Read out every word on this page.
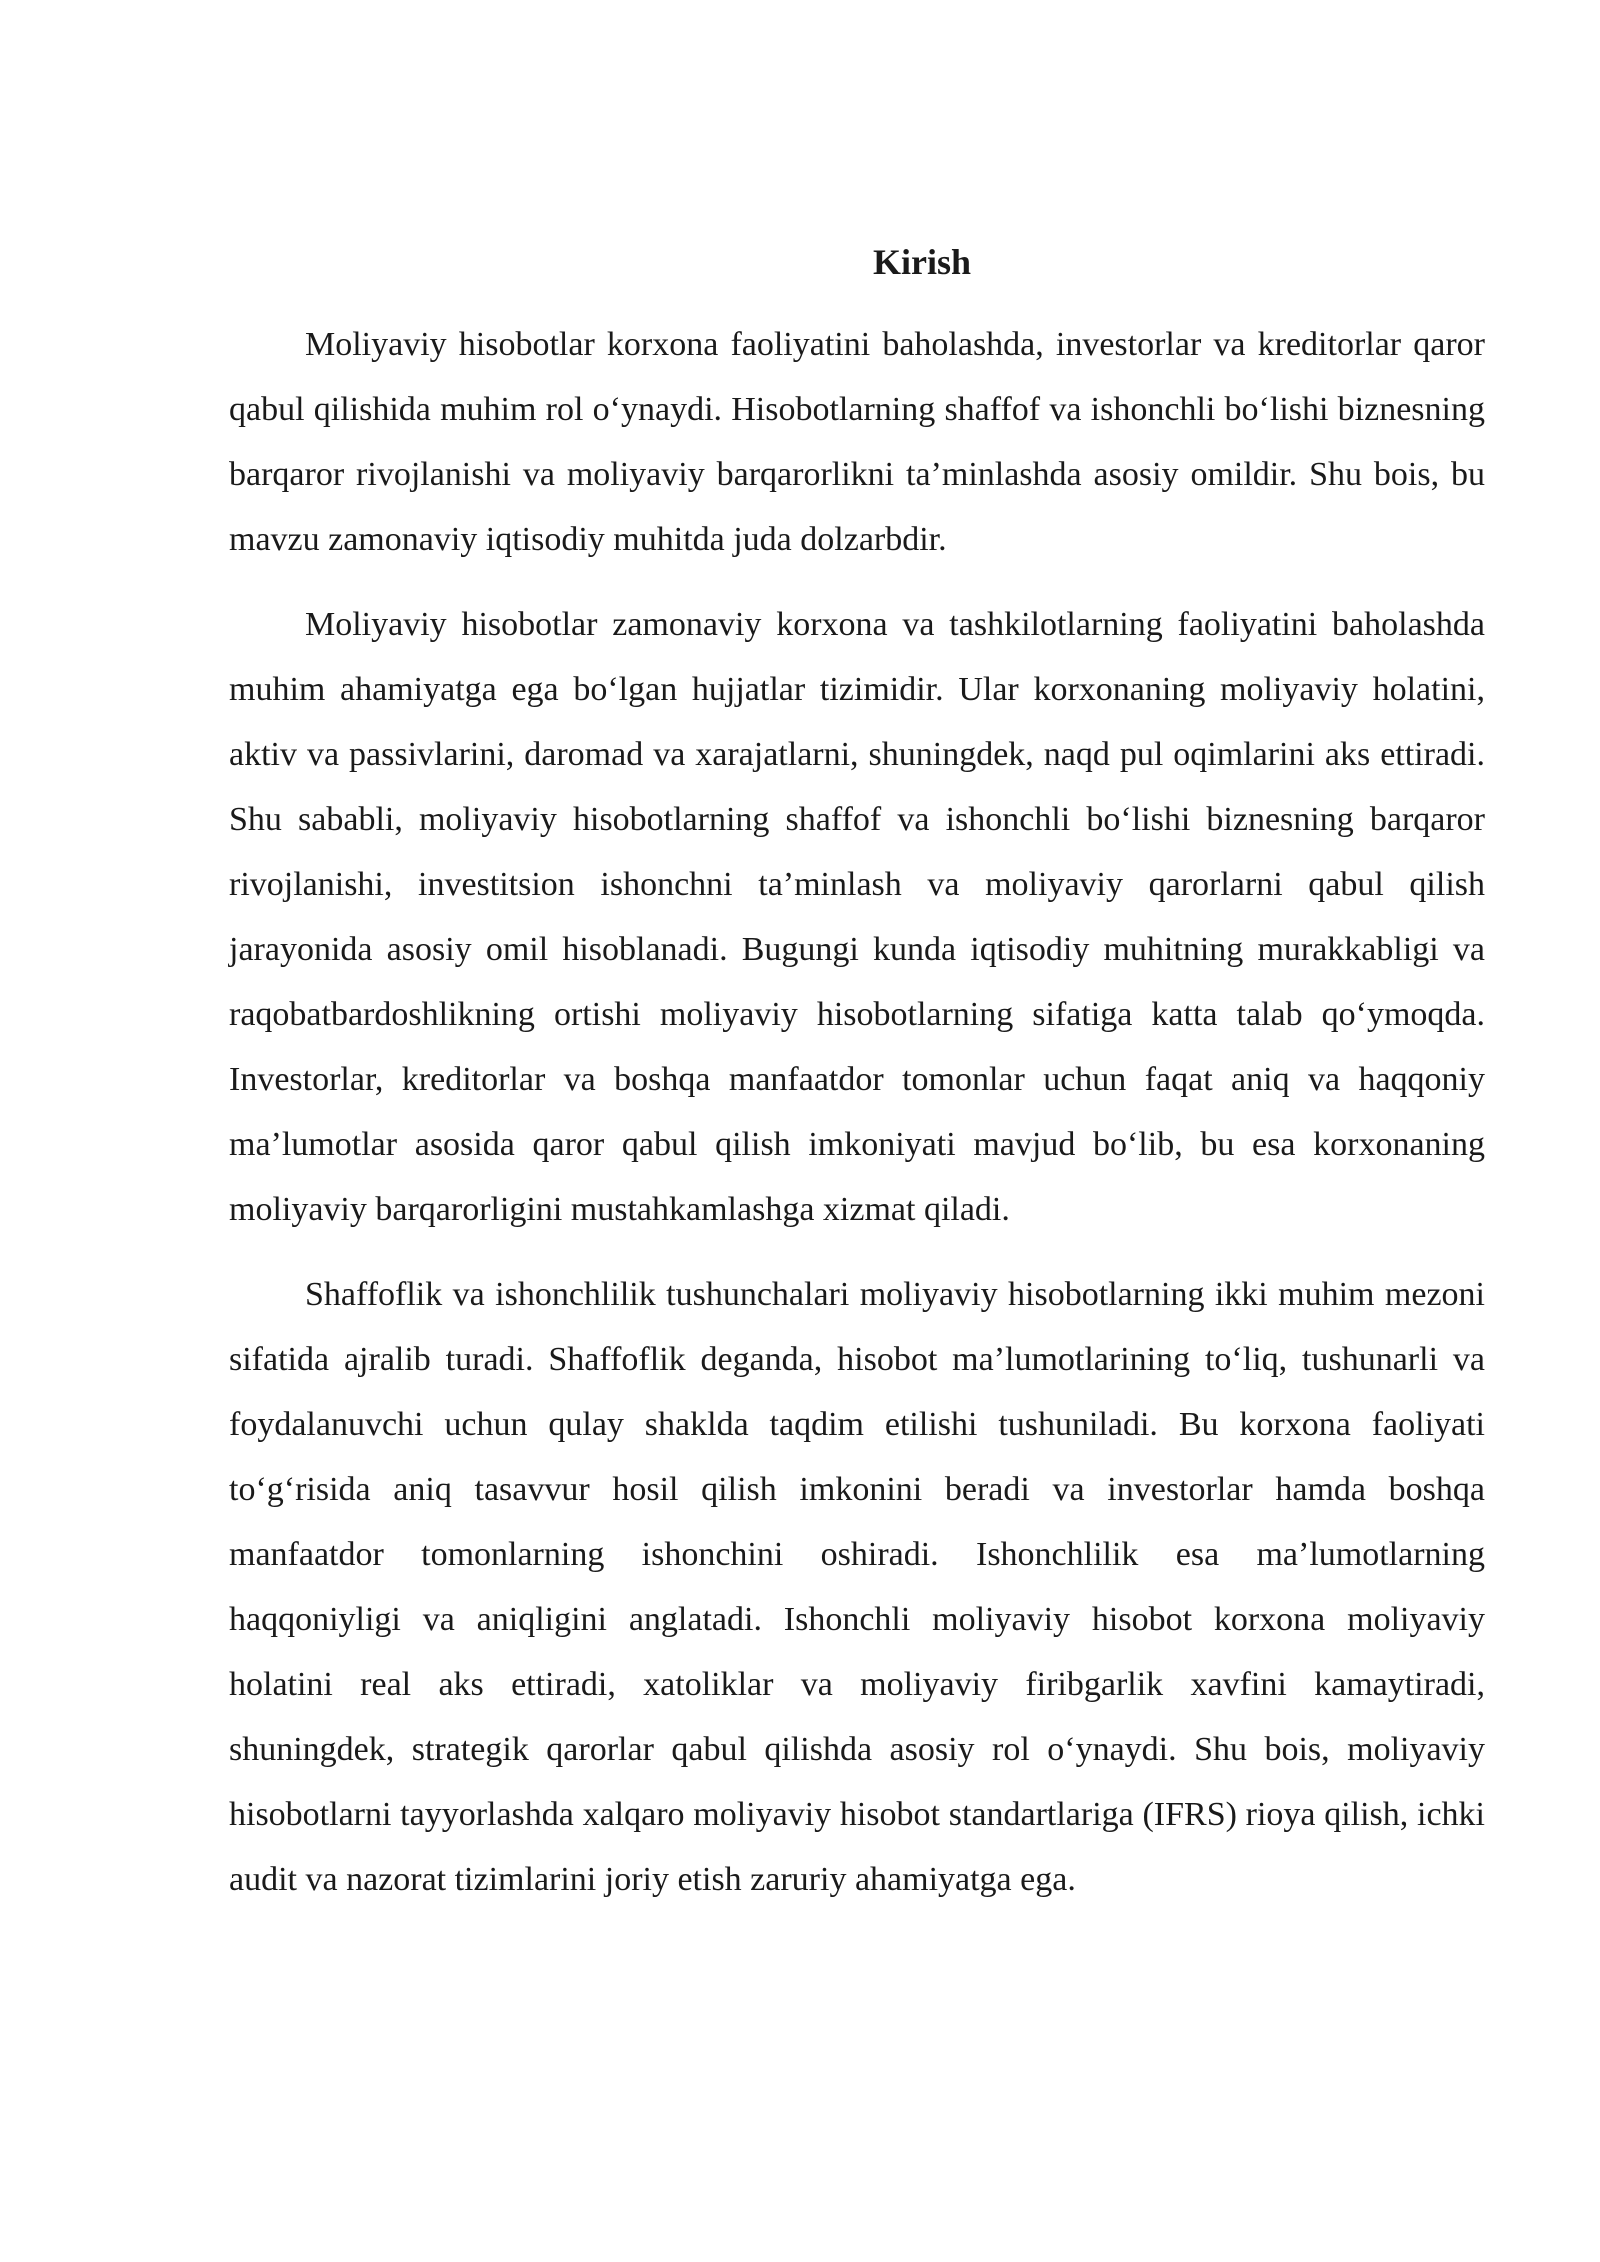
Kirish

Moliyaviy hisobotlar korxona faoliyatini baholashda, investorlar va kreditorlar qaror qabul qilishida muhim rol o‘ynaydi. Hisobotlarning shaffof va ishonchli bo‘lishi biznesning barqaror rivojlanishi va moliyaviy barqarorlikni ta’minlashda asosiy omildir. Shu bois, bu mavzu zamonaviy iqtisodiy muhitda juda dolzarbdir.

Moliyaviy hisobotlar zamonaviy korxona va tashkilotlarning faoliyatini baholashda muhim ahamiyatga ega bo‘lgan hujjatlar tizimidir. Ular korxonaning moliyaviy holatini, aktiv va passivlarini, daromad va xarajatlarni, shuningdek, naqd pul oqimlarini aks ettiradi. Shu sababli, moliyaviy hisobotlarning shaffof va ishonchli bo‘lishi biznesning barqaror rivojlanishi, investitsion ishonchni ta’minlash va moliyaviy qarorlarni qabul qilish jarayonida asosiy omil hisoblanadi. Bugungi kunda iqtisodiy muhitning murakkabligi va raqobatbardoshlikning ortishi moliyaviy hisobotlarning sifatiga katta talab qo‘ymoqda. Investorlar, kreditorlar va boshqa manfaatdor tomonlar uchun faqat aniq va haqqoniy ma’lumotlar asosida qaror qabul qilish imkoniyati mavjud bo‘lib, bu esa korxonaning moliyaviy barqarorligini mustahkamlashga xizmat qiladi.

Shaffoflik va ishonchlilik tushunchalari moliyaviy hisobotlarning ikki muhim mezoni sifatida ajralib turadi. Shaffoflik deganda, hisobot ma’lumotlarining to‘liq, tushunarli va foydalanuvchi uchun qulay shaklda taqdim etilishi tushuniladi. Bu korxona faoliyati to‘g‘risida aniq tasavvur hosil qilish imkonini beradi va investorlar hamda boshqa manfaatdor tomonlarning ishonchini oshiradi. Ishonchlilik esa ma’lumotlarning haqqoniyligi va aniqligini anglatadi. Ishonchli moliyaviy hisobot korxona moliyaviy holatini real aks ettiradi, xatoliklar va moliyaviy firibgarlik xavfini kamaytiradi, shuningdek, strategik qarorlar qabul qilishda asosiy rol o‘ynaydi. Shu bois, moliyaviy hisobotlarni tayyorlashda xalqaro moliyaviy hisobot standartlariga (IFRS) rioya qilish, ichki audit va nazorat tizimlarini joriy etish zaruriy ahamiyatga ega.
